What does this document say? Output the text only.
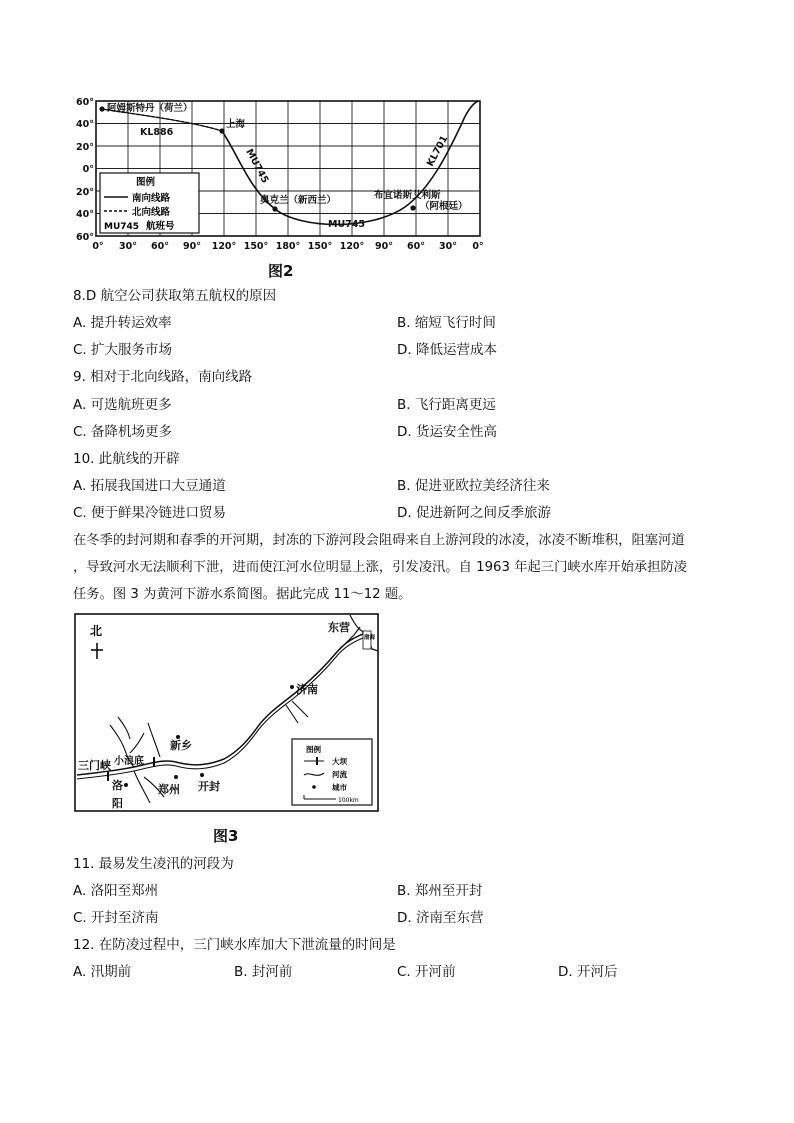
60°
40°
20°
0°
20°
40°
60°
0° 30° 60° 90° 120° 150° 180° 150° 120° 90° 60° 30° 0°
阿姆斯特丹（荷兰）
KL886
上海
MU745
奥克兰（新西兰）
MU745
布宜诺斯艾利斯
（阿根廷）
KL701
图例
南向线路
北向线路
MU745 航班号
图2
8.D 航空公司获取第五航权的原因
A. 提升转运效率	B. 缩短飞行时间
C. 扩大服务市场	D. 降低运营成本
9. 相对于北向线路，南向线路
A. 可选航班更多	B. 飞行距离更远
C. 备降机场更多	D. 货运安全性高
10. 此航线的开辟
A. 拓展我国进口大豆通道	B. 促进亚欧拉美经济往来
C. 便于鲜果冷链进口贸易	D. 促进新阿之间反季旅游
在冬季的封河期和春季的开河期，封冻的下游河段会阻碍来自上游河段的冰凌，冰凌不断堆积，阻塞河道
，导致河水无法顺利下泄，进而使江河水位明显上涨，引发凌汛。自 1963 年起三门峡水库开始承担防凌
任务。图 3 为黄河下游水系简图。据此完成 11～12 题。
北	渤海
东营
济南
新乡
三门峡 小浪底
洛
阳
郑州 开封
图例
大坝
河流
城市
100km
图3
11. 最易发生凌汛的河段为
A. 洛阳至郑州	B. 郑州至开封
C. 开封至济南	D. 济南至东营
12. 在防凌过程中，三门峡水库加大下泄流量的时间是
A. 汛期前	B. 封河前	C. 开河前	D. 开河后
